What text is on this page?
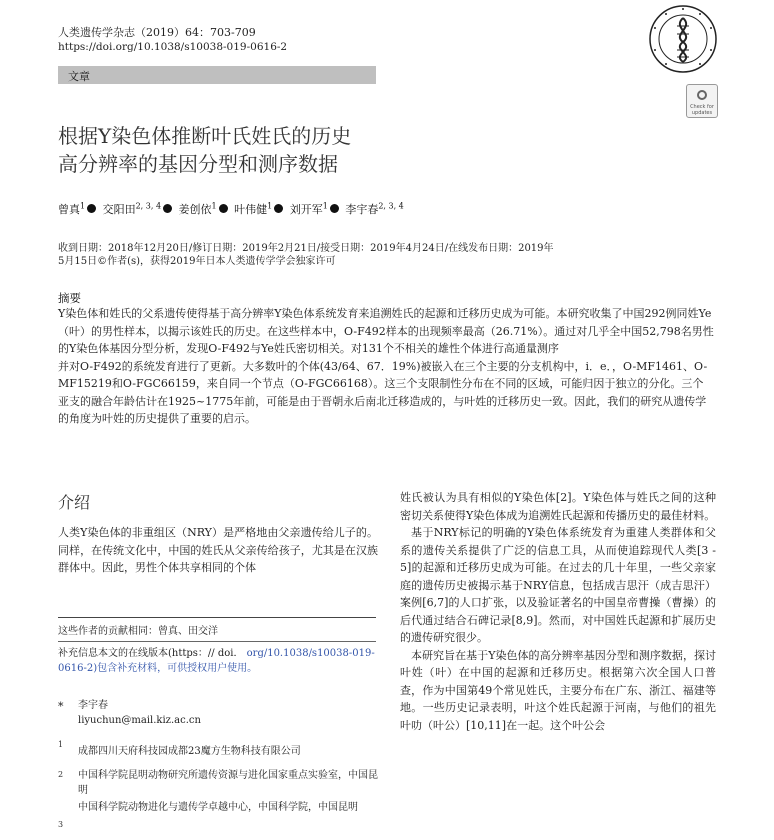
人类遗传学杂志（2019）64：703-709
https://doi.org/10.1038/s10038-019-0616-2
文章
Check for updates
根据Y染色体推断叶氏姓氏的历史
高分辨率的基因分型和测序数据
曾真$^1$ 交阳田$^{2, 3, 4}$ 姜创依$^1$ 叶伟健$^1$ 刘开军$^1$ 李宇春$^{2, 3, 4}$
收到日期：2018年12月20日/修订日期：2019年2月21日/接受日期：2019年4月24日/在线发布日期：2019年5月15日©作者(s)，获得2019年日本人类遗传学学会独家许可
摘要

Y染色体和姓氏的父系遗传使得基于高分辨率Y染色体系统发育来追溯姓氏的起源和迁移历史成为可能。本研究收集了中国292例同姓Ye（叶）的男性样本，以揭示该姓氏的历史。在这些样本中，O-F492样本的出现频率最高（26.71%）。通过对几乎全中国52,798名男性的Y染色体基因分型分析，发现O-F492与Ye姓氏密切相关。对131个不相关的雄性个体进行高通量测序

并对O-F492的系统发育进行了更新。大多数叶的个体(43/64、67．19%)被嵌入在三个主要的分支机构中，i．e．，O-MF1461、O-MF15219和O-FGC66159，来自同一个节点（O-FGC66168）。这三个支限制性分布在不同的区域，可能归因于独立的分化。三个亚支的融合年龄估计在1925~1775年前，可能是由于晋朝永后南北迁移造成的，与叶姓的迁移历史一致。因此，我们的研究从遗传学的角度为叶姓的历史提供了重要的启示。

介绍
人类Y染色体的非重组区（NRY）是严格地由父亲遗传给儿子的。同样，在传统文化中，中国的姓氏从父亲传给孩子，尤其是在汉族群体中。因此，男性个体共享相同的个体
这些作者的贡献相同：曾真、田交洋
补充信息本文的在线版本(https：// doi． org/10.1038/s10038-019-0616-2)包含补充材料，可供授权用户使用。
* 李宇春
liyuchun@mail.kiz.ac.cn
1
成都四川天府科技园成都23魔方生物科技有限公司
2 中国科学院昆明动物研究所遗传资源与进化国家重点实验室，中国昆明
3
中国科学院动物进化与遗传学卓越中心，中国科学院，中国昆明

姓氏被认为具有相似的Y染色体[2]。Y染色体与姓氏之间的这种密切关系使得Y染色体成为追溯姓氏起源和传播历史的最佳材料。

基于NRY标记的明确的Y染色体系统发育为重建人类群体和父系的遗传关系提供了广泛的信息工具，从而使追踪现代人类[3 - 5]的起源和迁移历史成为可能。在过去的几十年里，一些父亲家庭的遗传历史被揭示基于NRY信息，包括成吉思汗（成吉思汗）案例[6,7]的人口扩张，以及验证著名的中国皇帝曹操（曹操）的后代通过结合石碑记录[8,9]。然而，对中国姓氏起源和扩展历史的遗传研究很少。

本研究旨在基于Y染色体的高分辨率基因分型和测序数据，探讨叶姓（叶）在中国的起源和迁移历史。根据第六次全国人口普查，作为中国第49个常见姓氏，主要分布在广东、浙江、福建等地。一些历史记录表明，叶这个姓氏起源于河南，与他们的祖先叶叻（叶公）[10,11]在一起。这个叶公会
